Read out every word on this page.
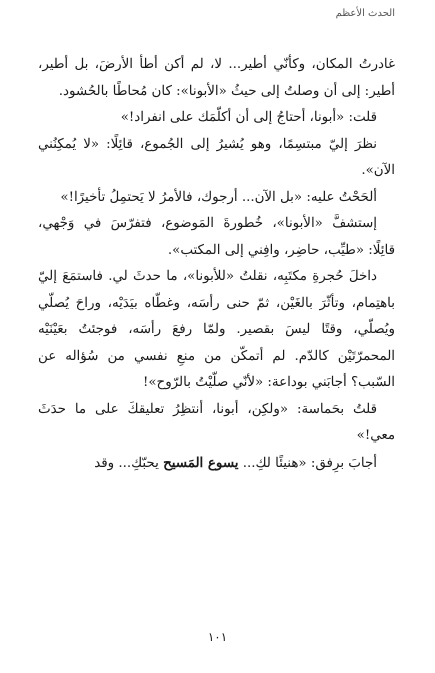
الحدث الأعظم

غادرتُ المكان، وكأنّي أطير... لا، لم أكن أطأ الأرضَ، بل أطير، أطير: إلى أن وصلتُ إلى حيثُ «الأبونا»: كان مُحاطًا بالحُشود.

قلت: «أبونا، أحتاجُ إلى أن أكلّمَك على انفراد!»

نظرَ إليّ مبتسِمًا، وهو يُشيرُ إلى الجُموع، قائِلًا: «لا يُمكِنُني الآن».

ألحَحْتُ عليه: «بل الآن... أرجوك، فالأمرُ لا يَحتمِلُ تأخيرًا!»

إستشفَّ «الأبونا»، خُطورةَ المَوضوع، فتفرّسَ في وَجْهي، قائِلًا: «طيِّب، حاضِر، وافِني إلى المكتب».

داخلَ حُجرةِ مكتَبِه، نقلتُ «للأبونا»، ما حدثَ لي. فاستمَعَ إليّ باهتِمام، وتأثّرَ بالغَيْن، ثمّ حنى رأسَه، وغطّاه بيَدَيْه، وراحَ يُصلّي ويُصلّي، وقتًا ليسَ بقصير. ولمّا رفعَ رأسَه، فوجئتُ بعَيْنَيْه المحمرّتَيْن كالدّم. لم أتمكّن من منعِ نفسي من سُؤاله عن السّبب؟ أجابَني بوداعة: «لأنّي صلّيْتُ بالرّوح»!

قلتُ بحَماسة: «ولكِن، أبونا، أنتظِرُ تعليقكَ على ما حدَثَ معي!»

أجابَ برِفق: «هنيئًا لكِ... يسوع المَسيح يحبّكِ... وقد

١٠١
